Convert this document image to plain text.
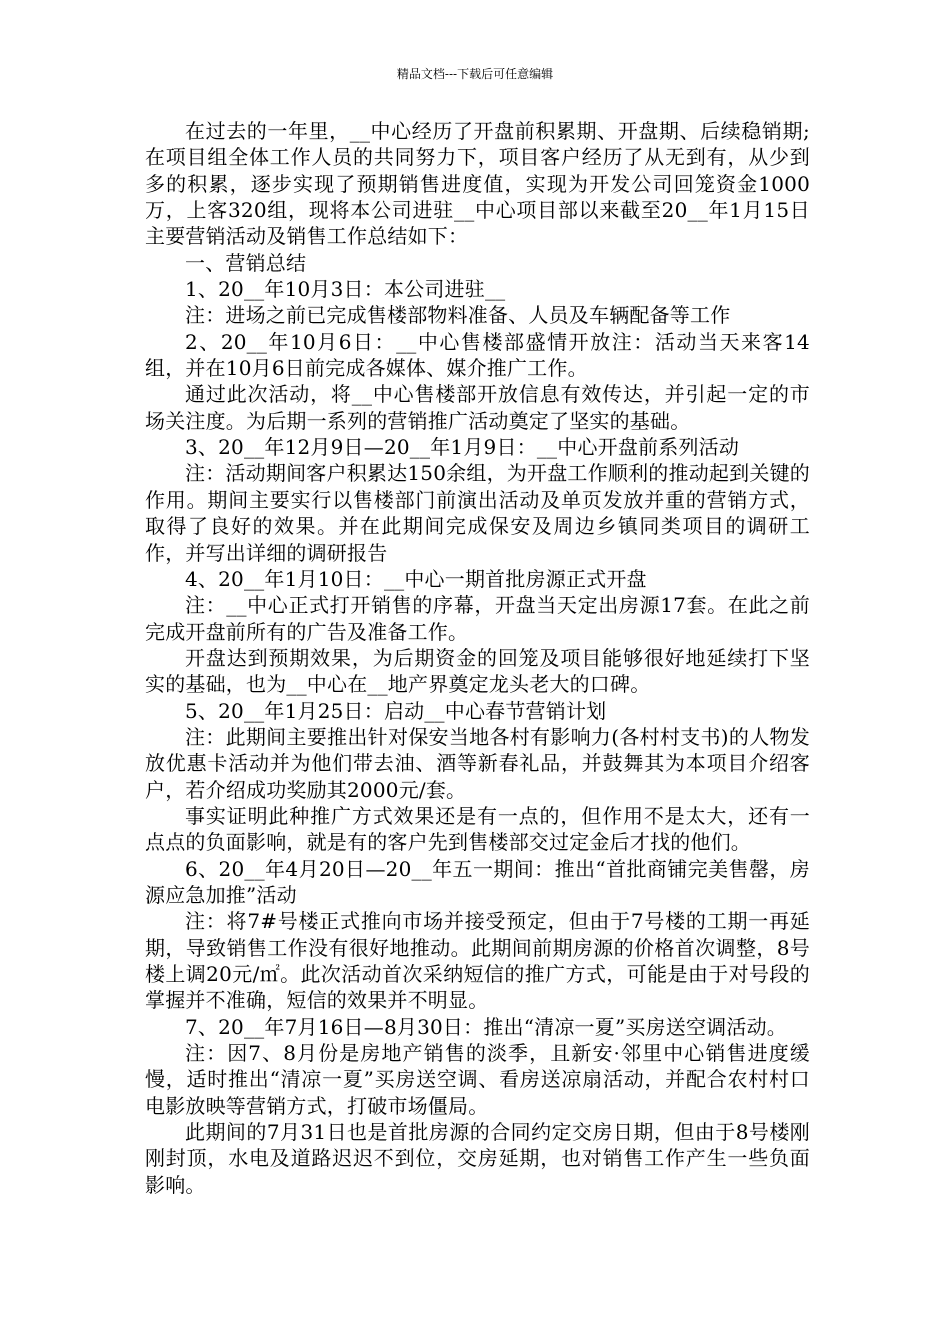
精品文档---下载后可任意编辑

在过去的一年里，__中心经历了开盘前积累期、开盘期、后续稳销期;在项目组全体工作人员的共同努力下，项目客户经历了从无到有，从少到多的积累，逐步实现了预期销售进度值，实现为开发公司回笼资金1000万，上客320组，现将本公司进驻__中心项目部以来截至20__年1月15日主要营销活动及销售工作总结如下：

一、营销总结

1、20__年10月3日：本公司进驻__

注：进场之前已完成售楼部物料准备、人员及车辆配备等工作

2、20__年10月6日：__中心售楼部盛情开放注：活动当天来客14组，并在10月6日前完成各媒体、媒介推广工作。

通过此次活动，将__中心售楼部开放信息有效传达，并引起一定的市场关注度。为后期一系列的营销推广活动奠定了坚实的基础。

3、20__年12月9日—20__年1月9日：__中心开盘前系列活动

注：活动期间客户积累达150余组，为开盘工作顺利的推动起到关键的作用。期间主要实行以售楼部门前演出活动及单页发放并重的营销方式，取得了良好的效果。并在此期间完成保安及周边乡镇同类项目的调研工作，并写出详细的调研报告

4、20__年1月10日：__中心一期首批房源正式开盘

注：__中心正式打开销售的序幕，开盘当天定出房源17套。在此之前完成开盘前所有的广告及准备工作。

开盘达到预期效果，为后期资金的回笼及项目能够很好地延续打下坚实的基础，也为__中心在__地产界奠定龙头老大的口碑。

5、20__年1月25日：启动__中心春节营销计划

注：此期间主要推出针对保安当地各村有影响力(各村村支书)的人物发放优惠卡活动并为他们带去油、酒等新春礼品，并鼓舞其为本项目介绍客户，若介绍成功奖励其2000元/套。

事实证明此种推广方式效果还是有一点的，但作用不是太大，还有一点点的负面影响，就是有的客户先到售楼部交过定金后才找的他们。

6、20__年4月20日—20__年五一期间：推出“首批商铺完美售罄，房源应急加推”活动

注：将7#号楼正式推向市场并接受预定，但由于7号楼的工期一再延期，导致销售工作没有很好地推动。此期间前期房源的价格首次调整，8号楼上调20元/㎡。此次活动首次采纳短信的推广方式，可能是由于对号段的掌握并不准确，短信的效果并不明显。

7、20__年7月16日—8月30日：推出“清凉一夏”买房送空调活动。

注：因7、8月份是房地产销售的淡季，且新安·邻里中心销售进度缓慢，适时推出“清凉一夏”买房送空调、看房送凉扇活动，并配合农村村口电影放映等营销方式，打破市场僵局。

此期间的7月31日也是首批房源的合同约定交房日期，但由于8号楼刚刚封顶，水电及道路迟迟不到位，交房延期，也对销售工作产生一些负面影响。
